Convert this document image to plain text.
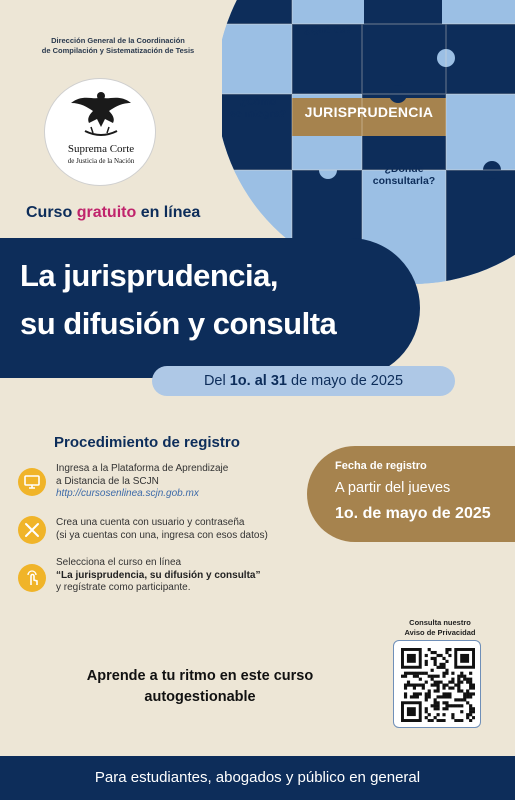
Dirección General de la Coordinación
de Compilación y Sistematización de Tesis
Suprema Corte
de Justicia de la Nación
¿Qué es?
¿Cómo
se integra?	JURISPRUDENCIA
¿Dónde
consultarla?
Curso gratuito en línea
La jurisprudencia,
su difusión y consulta
Del 1o. al 31 de mayo de 2025
Procedimiento de registro
Ingresa a la Plataforma de Aprendizaje
a Distancia de la SCJN
http://cursosenlinea.scjn.gob.mx
Crea una cuenta con usuario y contraseña
(si ya cuentas con una, ingresa con esos datos)
Selecciona el curso en línea
“La jurisprudencia, su difusión y consulta”
y regístrate como participante.
Fecha de registro
A partir del jueves
1o. de mayo de 2025
Aprende a tu ritmo en este curso
autogestionable
Consulta nuestro
Aviso de Privacidad
Para estudiantes, abogados y público en general
